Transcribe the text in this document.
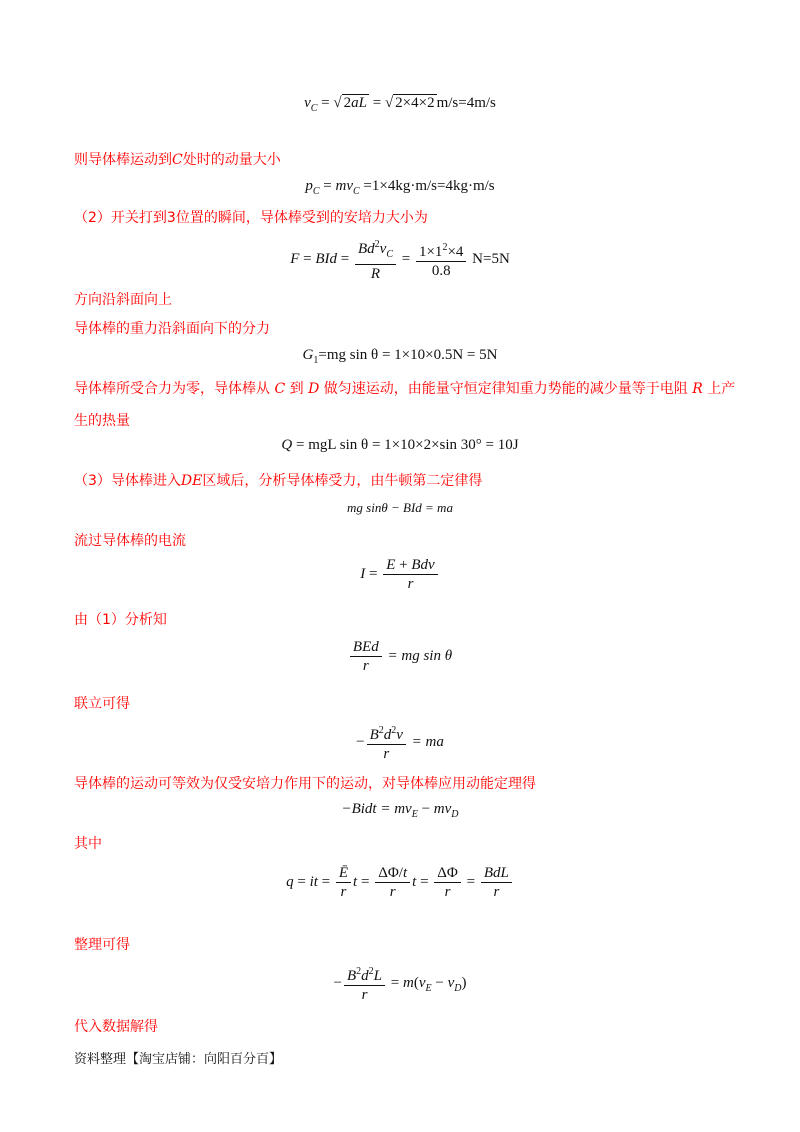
$v_C$ = √ 2aL = √ 2×4×2 m/s=4m/s
则导体棒运动到C处时的动量大小
$p_C = mv_C =1\times 4kg\cdot m/s=4kg\cdot m/s$
（2）开关打到3位置的瞬间，导体棒受到的安培力大小为
F = BId = $\frac{Bd^2v_C}{R} = \frac{1\times 1^2\times 4}{0.8} N=5N$
方向沿斜面向上
导体棒的重力沿斜面向下的分力
$G_1=mg$ sin θ = 1×10×0.5N = 5N
导体棒所受合力为零，导体棒从 C 到 D 做匀速运动，由能量守恒定律知重力势能的减少量等于电阻 R 上产
生的热量
Q = mgL sin θ = 1×10×2×sin 30° = 10J
（3）导体棒进入DE区域后，分析导体棒受力，由牛顿第二定律得
mg sinθ − BId = ma
流过导体棒的电流
$I = \frac{\text{E + Bdv}}{r}$
由（1）分析知
$\frac{\text{BEd}}{r}$ = mg sin θ
联立可得
− $\frac{B^2d^2v}{r}$ = ma
导体棒的运动可等效为仅受安培力作用下的运动，对导体棒应用动能定理得
−Bidt = $mv_E - mv_D$
其中
q = it = $\frac{Ē}{r}$ $t = \frac{\Delta\Phi/t}{r}$ $t = \frac{\Delta\Phi}{r} = \frac{\text{BdL}}{r}$
整理可得
− $\frac{B^2d^2L}{r} = m(v_E - v_D)$
代入数据解得
资料整理【淘宝店铺：向阳百分百】
